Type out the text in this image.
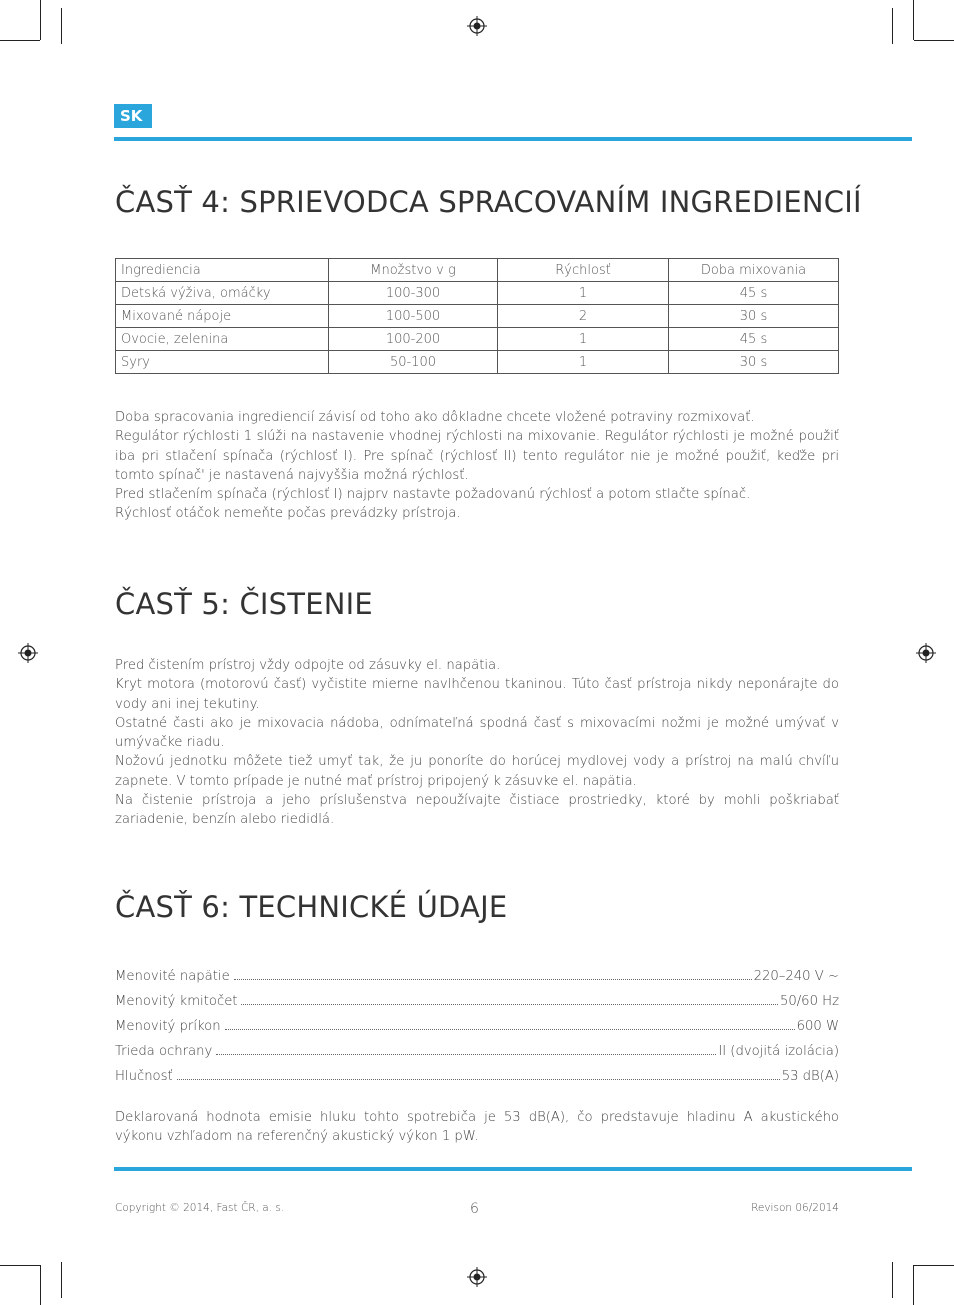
SK
ČASŤ 4: SPRIEVODCA SPRACOVANÍM INGREDIENCIÍ
Ingrediencia	Množstvo v g	Rýchlosť	Doba mixovania
Detská výživa, omáčky	100-300	1	45 s
Mixované nápoje	100-500	2	30 s
Ovocie, zelenina	100-200	1	45 s
Syry	50-100	1	30 s

Doba spracovania ingrediencií závisí od toho ako dôkladne chcete vložené potraviny rozmixovať.

Regulátor rýchlosti 1 slúži na nastavenie vhodnej rýchlosti na mixovanie. Regulátor rýchlosti je možné použiť iba pri stlačení spínača (rýchlosť I). Pre spínač (rýchlosť II) tento regulátor nie je možné použiť, keďže pri tomto spínač' je nastavená najvyššia možná rýchlosť.

Pred stlačením spínača (rýchlosť I) najprv nastavte požadovanú rýchlosť a potom stlačte spínač.

Rýchlosť otáčok nemeňte počas prevádzky prístroja.

ČASŤ 5: ČISTENIE

Pred čistením prístroj vždy odpojte od zásuvky el. napätia.

Kryt motora (motorovú časť) vyčistite mierne navlhčenou tkaninou. Túto časť prístroja nikdy neponárajte do vody ani inej tekutiny.

Ostatné časti ako je mixovacia nádoba, odnímateľná spodná časť s mixovacími nožmi je možné umývať v umývačke riadu.

Nožovú jednotku môžete tiež umyť tak, že ju ponoríte do horúcej mydlovej vody a prístroj na malú chvíľu zapnete. V tomto prípade je nutné mať prístroj pripojený k zásuvke el. napätia.

Na čistenie prístroja a jeho príslušenstva nepoužívajte čistiace prostriedky, ktoré by mohli poškriabať zariadenie, benzín alebo riedidlá.

ČASŤ 6: TECHNICKÉ ÚDAJE
Menovité napätie	220–240 V ~
Menovitý kmitočet	50/60 Hz
Menovitý príkon	600 W
Trieda ochrany	II (dvojitá izolácia)
Hlučnosť	53 dB(A)

Deklarovaná hodnota emisie hluku tohto spotrebiča je 53 dB(A), čo predstavuje hladinu A akustického výkonu vzhľadom na referenčný akustický výkon 1 pW.

Copyright © 2014, Fast ČR, a. s.	6	Revison 06/2014
